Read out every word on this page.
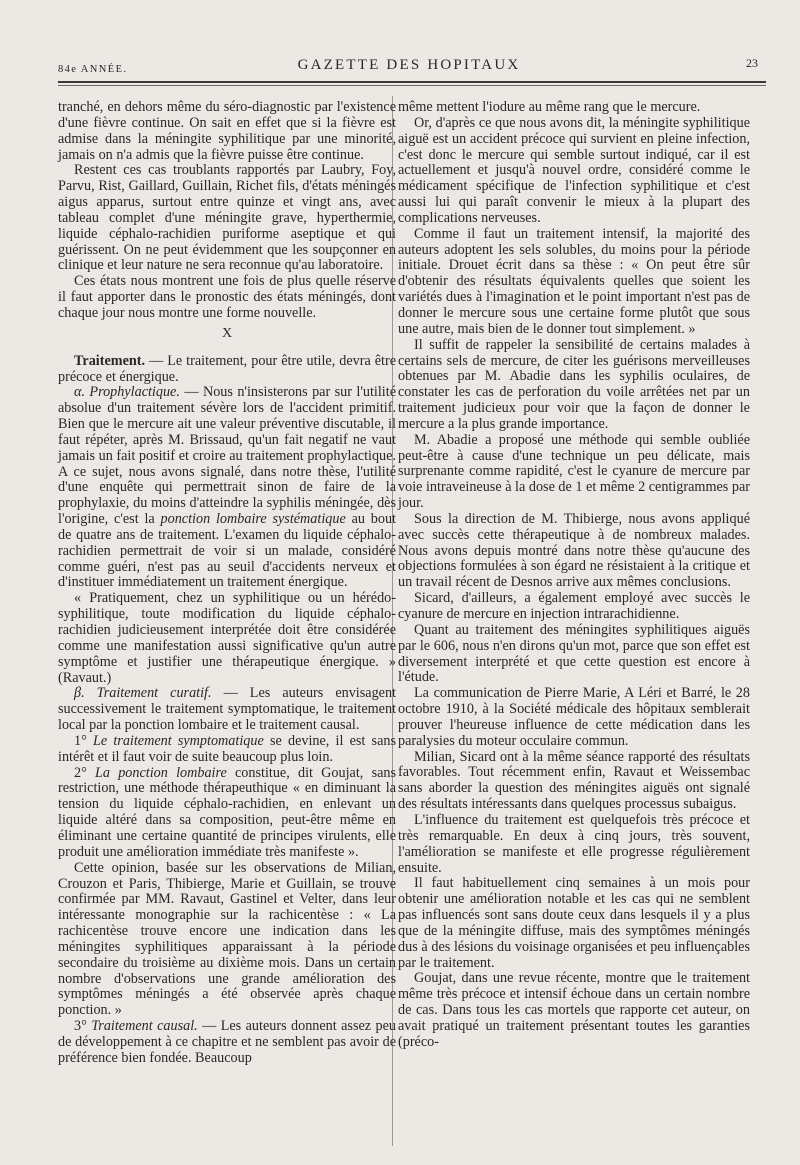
84e ANNÉE.	GAZETTE DES HOPITAUX	23

tranché, en dehors même du séro-diagnostic par l'existence d'une fièvre continue. On sait en effet que si la fièvre est admise dans la méningite syphilitique par une minorité, jamais on n'a admis que la fièvre puisse être continue.

Restent ces cas troublants rapportés par Laubry, Foy, Parvu, Rist, Gaillard, Guillain, Richet fils, d'états méningés aigus apparus, surtout entre quinze et vingt ans, avec tableau complet d'une méningite grave, hyperthermie, liquide céphalo-rachidien puriforme aseptique et qui guérissent. On ne peut évidemment que les soupçonner en clinique et leur nature ne sera reconnue qu'au laboratoire.

Ces états nous montrent une fois de plus quelle réserve il faut apporter dans le pronostic des états méningés, dont chaque jour nous montre une forme nouvelle.

X

Traitement. — Le traitement, pour être utile, devra être précoce et énergique.

α. Prophylactique. — Nous n'insisterons par sur l'utilité absolue d'un traitement sévère lors de l'accident primitif. Bien que le mercure ait une valeur préventive discutable, il faut répéter, après M. Brissaud, qu'un fait negatif ne vaut jamais un fait positif et croire au traitement prophylactique. A ce sujet, nous avons signalé, dans notre thèse, l'utilité d'une enquête qui permettrait sinon de faire de la prophylaxie, du moins d'atteindre la syphilis méningée, dès l'origine, c'est la ponction lombaire systématique au bout de quatre ans de traitement. L'examen du liquide céphalo-rachidien permettrait de voir si un malade, considéré comme guéri, n'est pas au seuil d'accidents nerveux et d'instituer immédiatement un traitement énergique.

« Pratiquement, chez un syphilitique ou un hérédo-syphilitique, toute modification du liquide céphalo-rachidien judicieusement interprétée doit être considérée comme une manifestation aussi significative qu'un autre symptôme et justifier une thérapeutique énergique. » (Ravaut.)

β. Traitement curatif. — Les auteurs envisagent successivement le traitement symptomatique, le traitement local par la ponction lombaire et le traitement causal.

1° Le traitement symptomatique se devine, il est sans intérêt et il faut voir de suite beaucoup plus loin.

2° La ponction lombaire constitue, dit Goujat, sans restriction, une méthode thérapeuthique « en diminuant la tension du liquide céphalo-rachidien, en enlevant un liquide altéré dans sa composition, peut-être même en éliminant une certaine quantité de principes virulents, elle produit une amélioration immédiate très manifeste ».

Cette opinion, basée sur les observations de Milian, Crouzon et Paris, Thibierge, Marie et Guillain, se trouve confirmée par MM. Ravaut, Gastinel et Velter, dans leur intéressante monographie sur la rachicentèse : « La rachicentèse trouve encore une indication dans les méningites syphilitiques apparaissant à la période secondaire du troisième au dixième mois. Dans un certain nombre d'observations une grande amélioration des symptômes méningés a été observée après chaque ponction. »

3° Traitement causal. — Les auteurs donnent assez peu de développement à ce chapitre et ne semblent pas avoir de préférence bien fondée. Beaucoup

même mettent l'iodure au même rang que le mercure.

Or, d'après ce que nous avons dit, la méningite syphilitique aiguë est un accident précoce qui survient en pleine infection, c'est donc le mercure qui semble surtout indiqué, car il est actuellement et jusqu'à nouvel ordre, considéré comme le médicament spécifique de l'infection syphilitique et c'est aussi lui qui paraît convenir le mieux à la plupart des complications nerveuses.

Comme il faut un traitement intensif, la majorité des auteurs adoptent les sels solubles, du moins pour la période initiale. Drouet écrit dans sa thèse : « On peut être sûr d'obtenir des résultats équivalents quelles que soient les variétés dues à l'imagination et le point important n'est pas de donner le mercure sous une certaine forme plutôt que sous une autre, mais bien de le donner tout simplement. »

Il suffit de rappeler la sensibilité de certains malades à certains sels de mercure, de citer les guérisons merveilleuses obtenues par M. Abadie dans les syphilis oculaires, de constater les cas de perforation du voile arrêtées net par un traitement judicieux pour voir que la façon de donner le mercure a la plus grande importance.

M. Abadie a proposé une méthode qui semble oubliée peut-être à cause d'une technique un peu délicate, mais surprenante comme rapidité, c'est le cyanure de mercure par voie intraveineuse à la dose de 1 et même 2 centigrammes par jour.

Sous la direction de M. Thibierge, nous avons appliqué avec succès cette thérapeutique à de nombreux malades. Nous avons depuis montré dans notre thèse qu'aucune des objections formulées à son égard ne résistaient à la critique et un travail récent de Desnos arrive aux mêmes conclusions.

Sicard, d'ailleurs, a également employé avec succès le cyanure de mercure en injection intrarachidienne.

Quant au traitement des méningites syphilitiques aiguës par le 606, nous n'en dirons qu'un mot, parce que son effet est diversement interprété et que cette question est encore à l'étude.

La communication de Pierre Marie, A Léri et Barré, le 28 octobre 1910, à la Société médicale des hôpitaux semblerait prouver l'heureuse influence de cette médication dans les paralysies du moteur occulaire commun.

Milian, Sicard ont à la même séance rapporté des résultats favorables. Tout récemment enfin, Ravaut et Weissembac sans aborder la question des méningites aiguës ont signalé des résultats intéressants dans quelques processus subaigus.

L'influence du traitement est quelquefois très précoce et très remarquable. En deux à cinq jours, très souvent, l'amélioration se manifeste et elle progresse régulièrement ensuite.

Il faut habituellement cinq semaines à un mois pour obtenir une amélioration notable et les cas qui ne semblent pas influencés sont sans doute ceux dans lesquels il y a plus que de la méningite diffuse, mais des symptômes méningés dus à des lésions du voisinage organisées et peu influençables par le traitement.

Goujat, dans une revue récente, montre que le traitement même très précoce et intensif échoue dans un certain nombre de cas. Dans tous les cas mortels que rapporte cet auteur, on avait pratiqué un traitement présentant toutes les garanties (préco-
